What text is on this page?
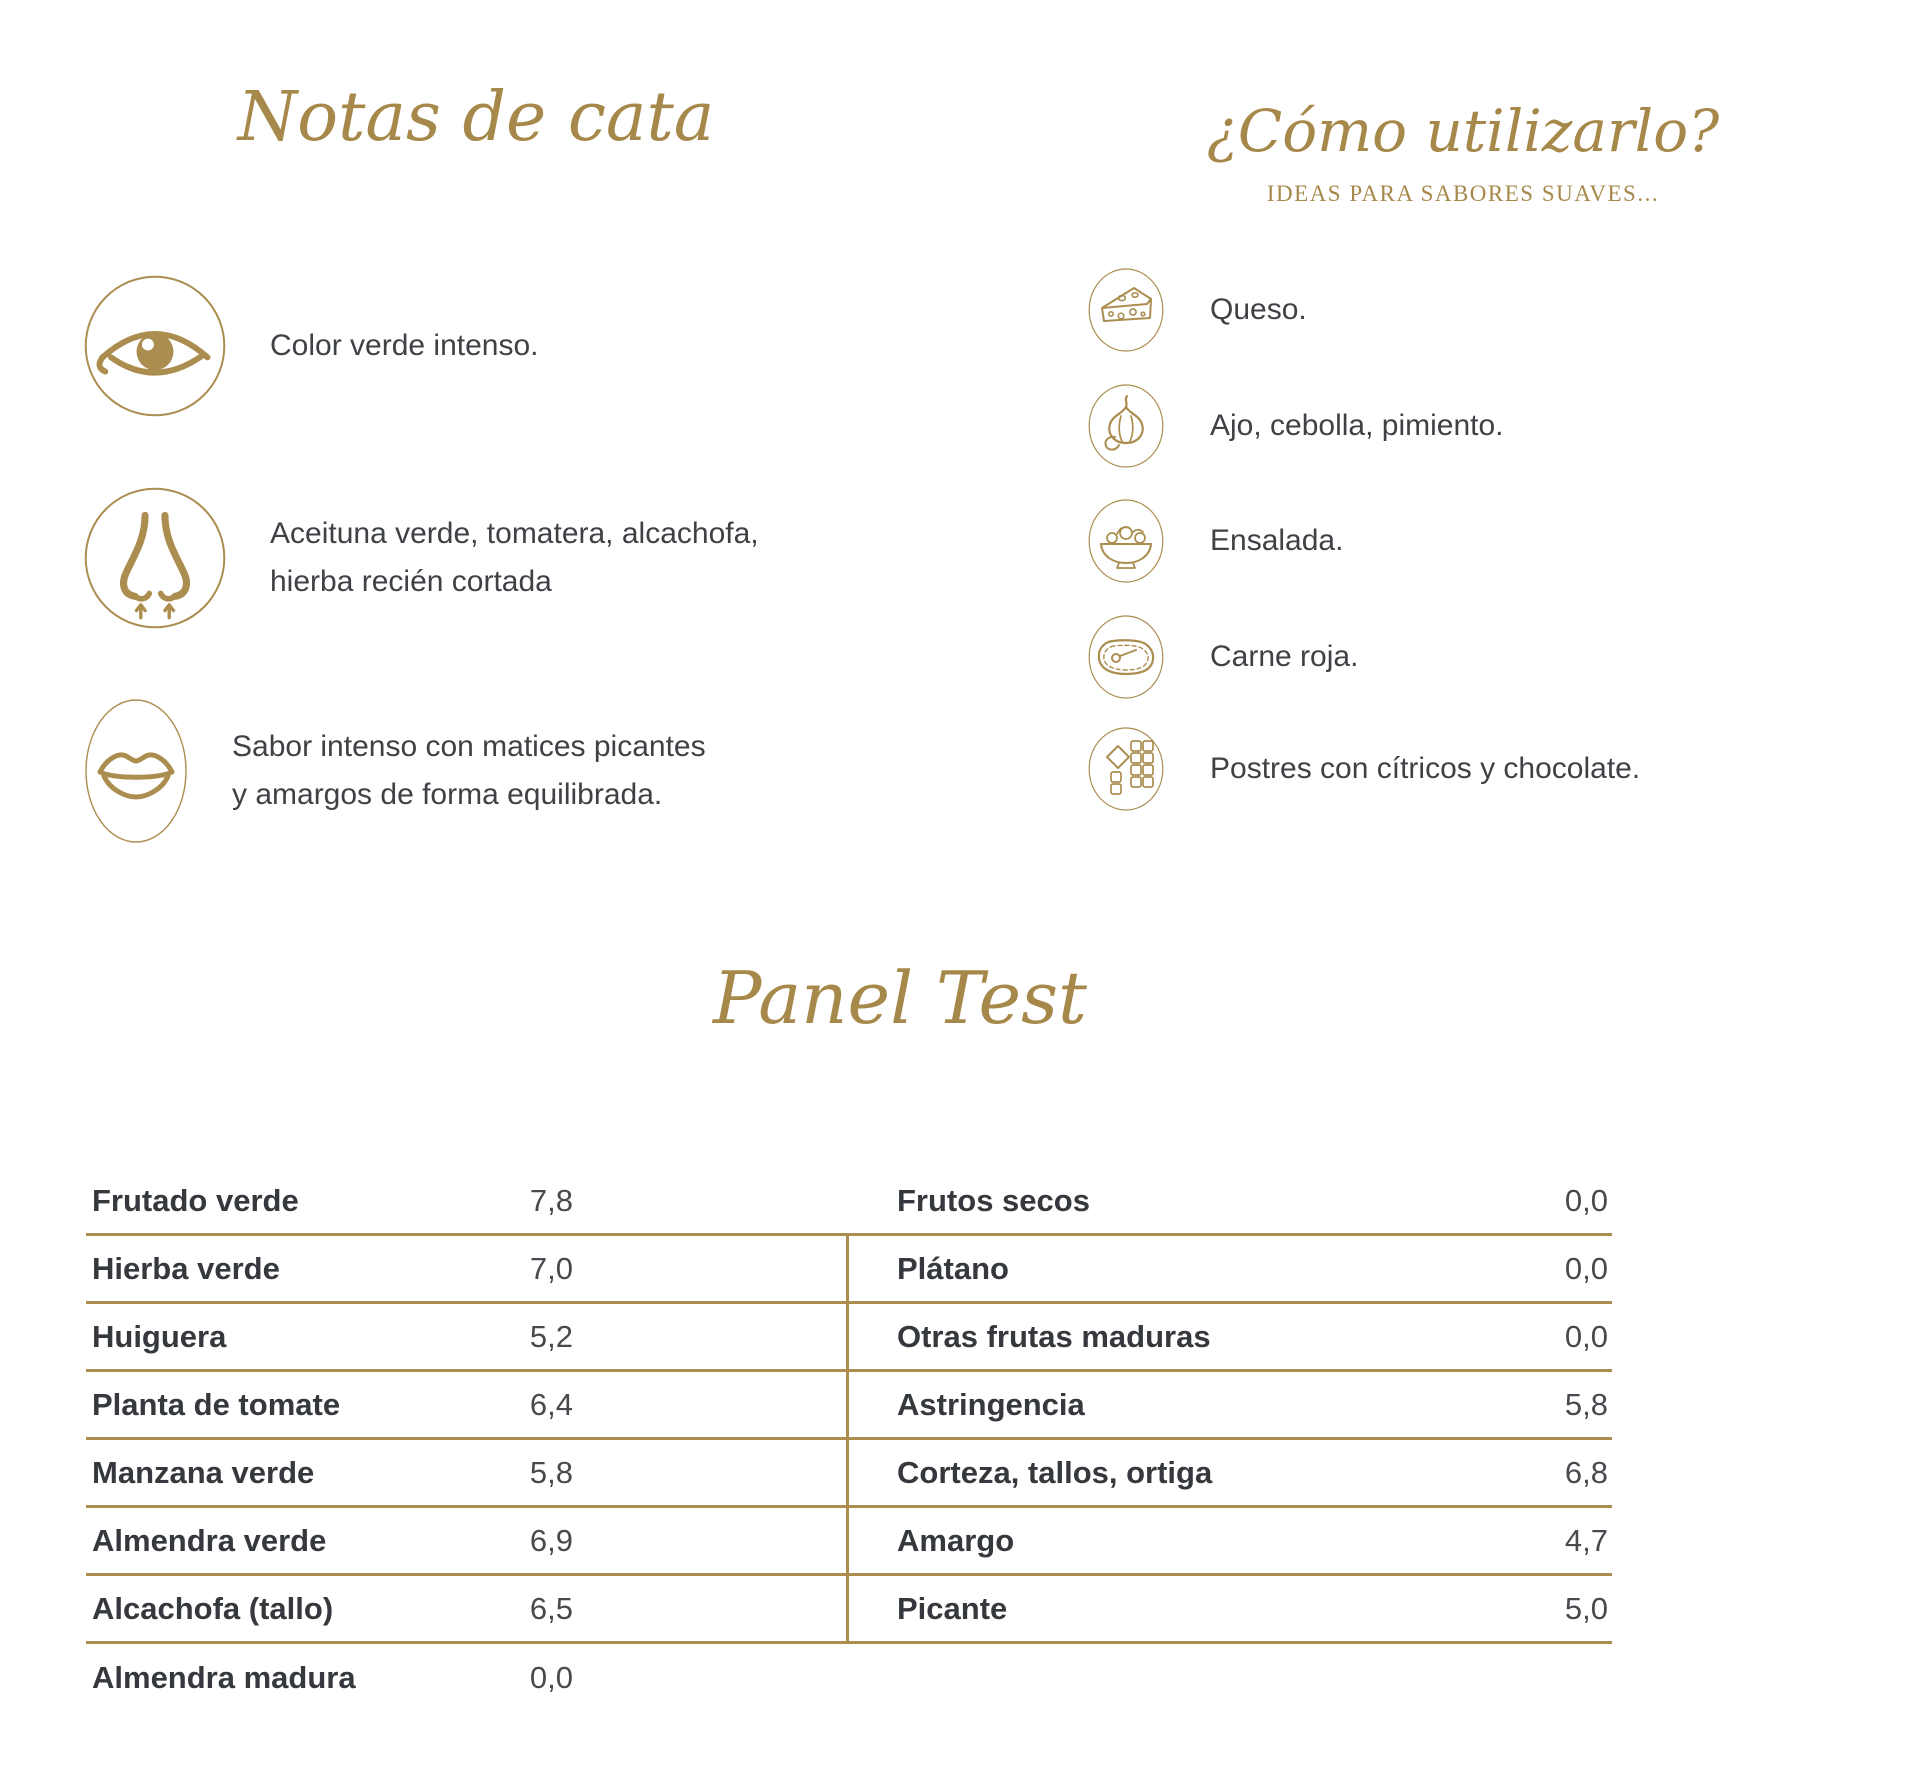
Notas de cata
Color verde intenso.
Aceituna verde, tomatera, alcachofa,
hierba recién cortada
Sabor intenso con matices picantes
y amargos de forma equilibrada.
¿Cómo utilizarlo?
IDEAS PARA SABORES SUAVES...
Queso.
Ajo, cebolla, pimiento.
Ensalada.
Carne roja.
Postres con cítricos y chocolate.
Panel Test
Frutado verde	7,8
Hierba verde	7,0
Huiguera	5,2
Planta de tomate	6,4
Manzana verde	5,8
Almendra verde	6,9
Alcachofa (tallo)	6,5
Almendra madura	0,0
Frutos secos	0,0
Plátano	0,0
Otras frutas maduras	0,0
Astringencia	5,8
Corteza, tallos, ortiga	6,8
Amargo	4,7
Picante	5,0
